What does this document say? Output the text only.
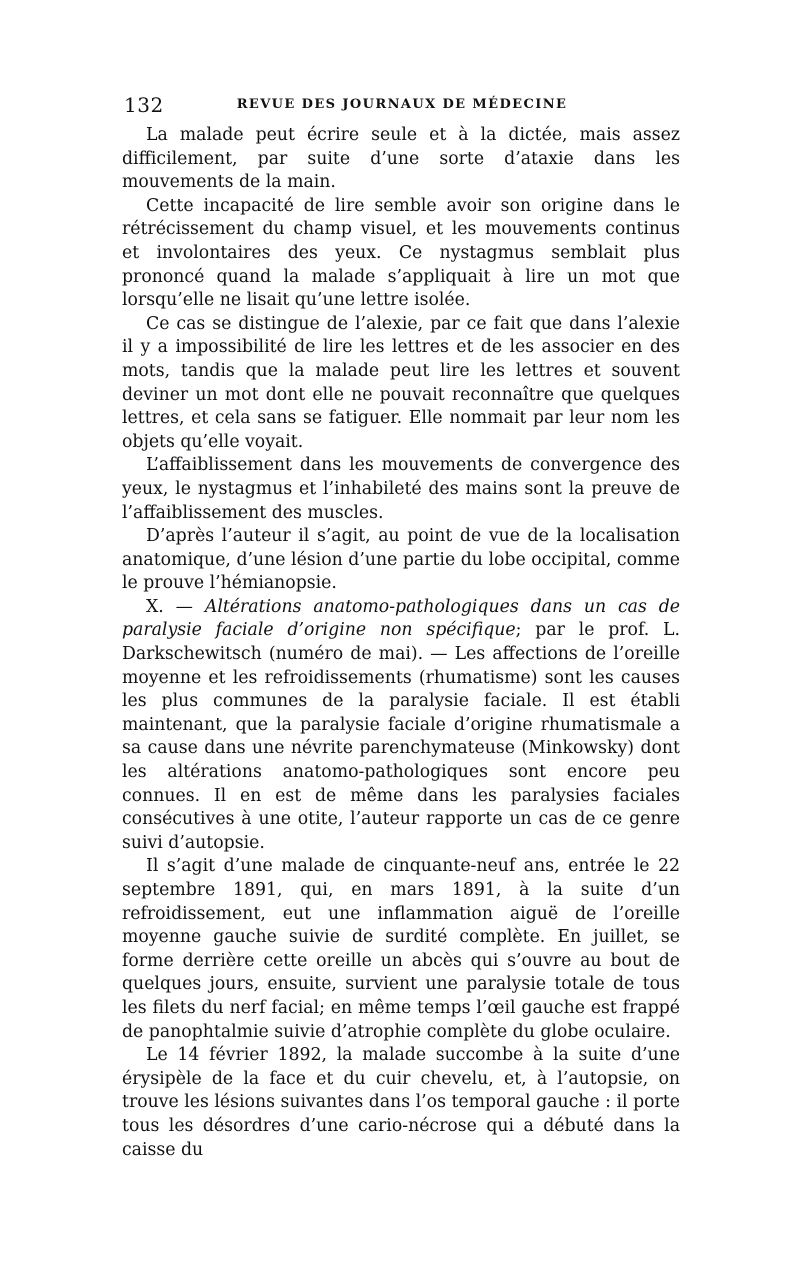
132	REVUE DES JOURNAUX DE MÉDECINE

La malade peut écrire seule et à la dictée, mais assez difficilement, par suite d’une sorte d’ataxie dans les mouvements de la main.

Cette incapacité de lire semble avoir son origine dans le rétrécissement du champ visuel, et les mouvements continus et involontaires des yeux. Ce nystagmus semblait plus prononcé quand la malade s’appliquait à lire un mot que lorsqu’elle ne lisait qu’une lettre isolée.

Ce cas se distingue de l’alexie, par ce fait que dans l’alexie il y a impossibilité de lire les lettres et de les associer en des mots, tandis que la malade peut lire les lettres et souvent deviner un mot dont elle ne pouvait reconnaître que quelques lettres, et cela sans se fatiguer. Elle nommait par leur nom les objets qu’elle voyait.

L’affaiblissement dans les mouvements de convergence des yeux, le nystagmus et l’inhabileté des mains sont la preuve de l’affaiblissement des muscles.

D’après l’auteur il s’agit, au point de vue de la localisation anatomique, d’une lésion d’une partie du lobe occipital, comme le prouve l’hémianopsie.

X. — Altérations anatomo-pathologiques dans un cas de paralysie faciale d’origine non spécifique; par le prof. L. Darkschewitsch (numéro de mai). — Les affections de l’oreille moyenne et les refroidissements (rhumatisme) sont les causes les plus communes de la paralysie faciale. Il est établi maintenant, que la paralysie faciale d’origine rhumatismale a sa cause dans une névrite parenchymateuse (Minkowsky) dont les altérations anatomo-pathologiques sont encore peu connues. Il en est de même dans les paralysies faciales consécutives à une otite, l’auteur rapporte un cas de ce genre suivi d’autopsie.

Il s’agit d’une malade de cinquante-neuf ans, entrée le 22 septembre 1891, qui, en mars 1891, à la suite d’un refroidissement, eut une inflammation aiguë de l’oreille moyenne gauche suivie de surdité complète. En juillet, se forme derrière cette oreille un abcès qui s’ouvre au bout de quelques jours, ensuite, survient une paralysie totale de tous les filets du nerf facial; en même temps l’œil gauche est frappé de panophtalmie suivie d’atrophie complète du globe oculaire.

Le 14 février 1892, la malade succombe à la suite d’une érysipèle de la face et du cuir chevelu, et, à l’autopsie, on trouve les lésions suivantes dans l’os temporal gauche : il porte tous les désordres d’une cario-nécrose qui a débuté dans la caisse du
